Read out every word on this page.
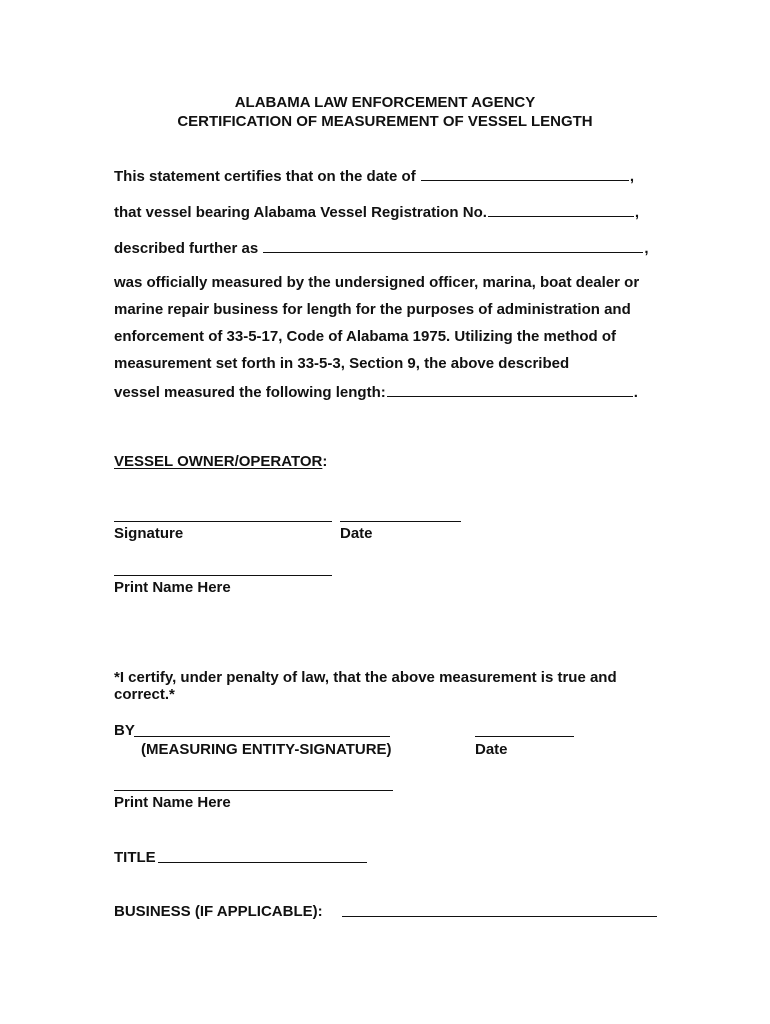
ALABAMA LAW ENFORCEMENT AGENCY
CERTIFICATION OF MEASUREMENT OF VESSEL LENGTH
This statement certifies that on the date of	,
that vessel bearing Alabama Vessel Registration No.	,
described further as	,
was officially measured by the undersigned officer, marina, boat dealer or
marine repair business for length for the purposes of administration and
enforcement of 33-5-17, Code of Alabama 1975. Utilizing the method of
measurement set forth in 33-5-3, Section 9, the above described
vessel measured the following length:	.
VESSEL OWNER/OPERATOR:
Signature	Date
Print Name Here
*I certify, under penalty of law, that the above measurement is true and
correct.*
BY
(MEASURING ENTITY-SIGNATURE)	Date
Print Name Here
TITLE
BUSINESS (IF APPLICABLE):
